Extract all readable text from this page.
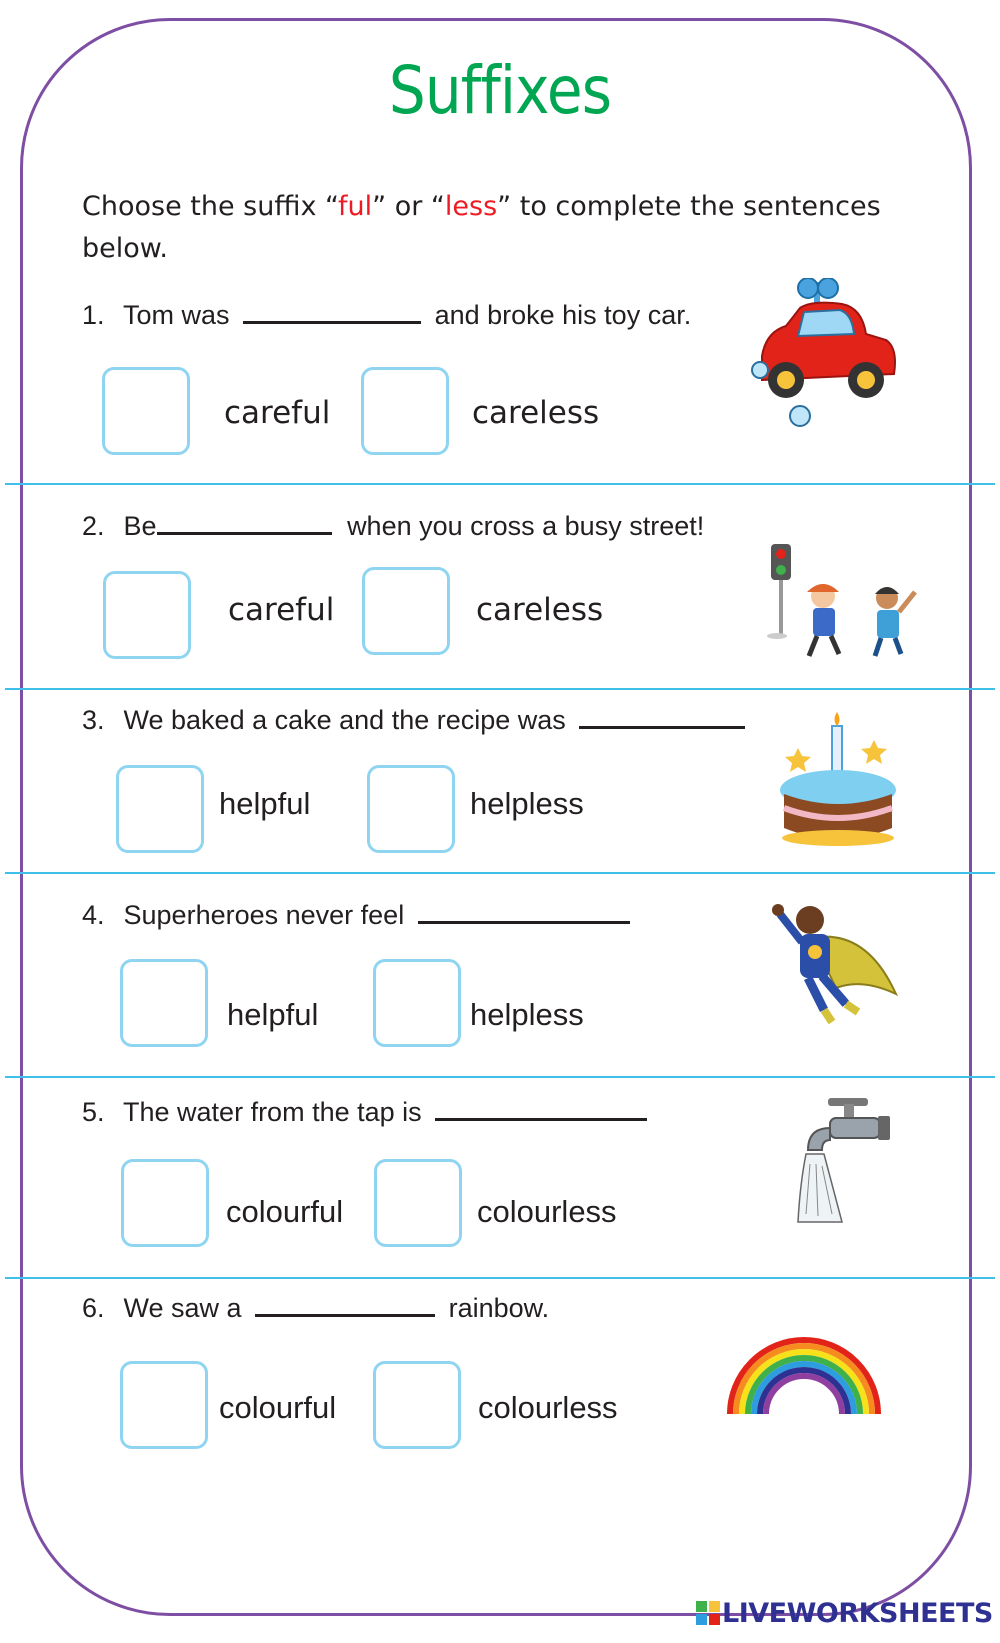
Suffixes
Choose the suffix “ful” or “less” to complete the sentences
below.
1. Tom was	and broke his toy car.
careful	careless
2. Be	when you cross a busy street!
careful	careless
3. We baked a cake and the recipe was
helpful	helpless
4. Superheroes never feel
helpful	helpless
5. The water from the tap is
colourful	colourless
6. We saw a	rainbow.
colourful	colourless
LIVEWORKSHEETS
